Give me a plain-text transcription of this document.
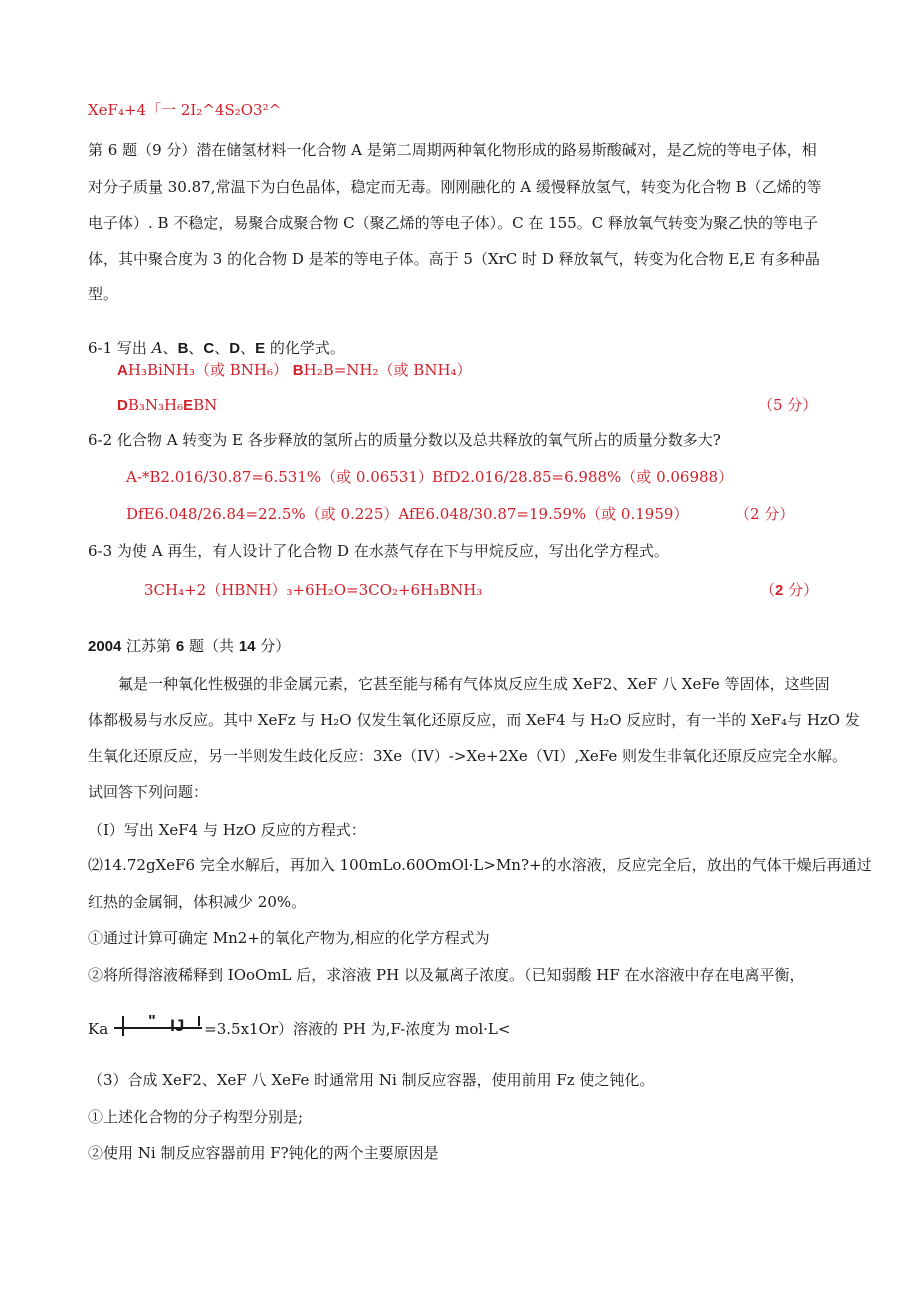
XeF₄+4「一 2I₂^4S₂O3²^
第 6 题（9 分）潜在储氢材料一化合物 A 是第二周期两种氧化物形成的路易斯酸碱对，是乙烷的等电子体，相
对分子质量 30.87,常温下为白色晶体，稳定而无毒。刚刚融化的 A 缓慢释放氢气，转变为化合物 B（乙烯的等
电子体）. B 不稳定，易聚合成聚合物 C（聚乙烯的等电子体）。C 在 155。C 释放氧气转变为聚乙快的等电子
体，其中聚合度为 3 的化合物 D 是苯的等电子体。高于 5（XrC 时 D 释放氧气，转变为化合物 E,E 有多种晶
型。
6-1 写出 A、B、C、D、E 的化学式。
AH₃BiNH₃（或 BNH₆） BH₂B=NH₂（或 BNH₄）
DB₃N₃H₆EBN	（5 分）
6-2 化合物 A 转变为 E 各步释放的氢所占的质量分数以及总共释放的氧气所占的质量分数多大?
A-*B2.016/30.87=6.531%（或 0.06531） BfD2.016/28.85=6.988%（或 0.06988）
DfE6.048/26.84=22.5%（或 0.225）AfE6.048/30.87=19.59%（或 0.1959）	（2 分）
6-3 为使 A 再生，有人设计了化合物 D 在水蒸气存在下与甲烷反应，写出化学方程式。
3CH₄+2（HBNH）₃+6H₂O=3CO₂+6H₃BNH₃	（2 分）
2004 江苏第 6 题（共 14 分）
氟是一种氧化性极强的非金属元素，它甚至能与稀有气体岚反应生成 XeF2、XeF 八 XeFe 等固体，这些固
体都极易与水反应。其中 XeFz 与 H₂O 仅发生氧化还原反应，而 XeF4 与 H₂O 反应时，有一半的 XeF₄与 HzO 发
生氧化还原反应，另一半则发生歧化反应：3Xe（IV）->Xe+2Xe（VI）,XeFe 则发生非氧化还原反应完全水解。
试回答下列问题：
（I）写出 XeF4 与 HzO 反应的方程式：
⑵14.72gXeF6 完全水解后，再加入 100mLo.60OmOl·L>Mn?+的水溶液，反应完全后，放出的气体干燥后再通过
红热的金属铜，体积减少 20%。
①通过计算可确定 Mn2+的氧化产物为,相应的化学方程式为
②将所得溶液稀释到 IOoOmL 后，求溶液 PH 以及氟离子浓度。（已知弱酸 HF 在水溶液中存在电离平衡，
Ka	" IJ =3.5x1Or）溶液的 PH 为,F-浓度为 mol·L<
（3）合成 XeF2、XeF 八 XeFe 时通常用 Ni 制反应容器，使用前用 Fz 使之钝化。
①上述化合物的分子构型分别是;
②使用 Ni 制反应容器前用 F?钝化的两个主要原因是
